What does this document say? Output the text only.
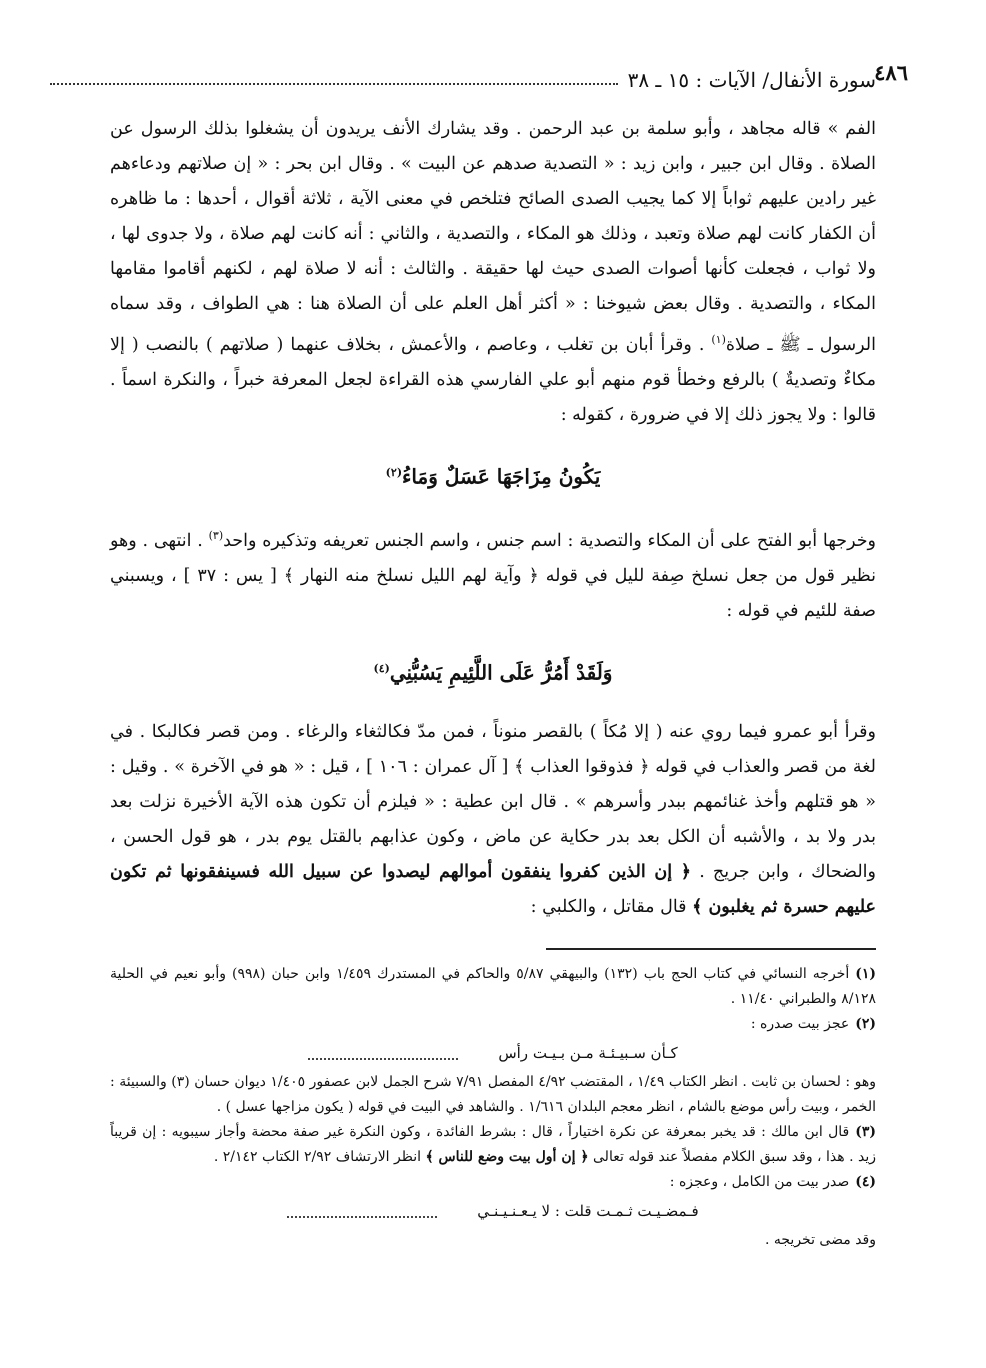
٤٨٦
سورة الأنفال/ الآيات : ١٥ ـ ٣٨

الفم » قاله مجاهد ، وأبو سلمة بن عبد الرحمن . وقد يشارك الأنف يريدون أن يشغلوا بذلك الرسول عن الصلاة . وقال ابن جبير ، وابن زيد : « التصدية صدهم عن البيت » . وقال ابن بحر : « إن صلاتهم ودعاءهم غير رادين عليهم ثواباً إلا كما يجيب الصدى الصائح فتلخص في معنى الآية ، ثلاثة أقوال ، أحدها : ما ظاهره أن الكفار كانت لهم صلاة وتعبد ، وذلك هو المكاء ، والتصدية ، والثاني : أنه كانت لهم صلاة ، ولا جدوى لها ، ولا ثواب ، فجعلت كأنها أصوات الصدى حيث لها حقيقة . والثالث : أنه لا صلاة لهم ، لكنهم أقاموا مقامها المكاء ، والتصدية . وقال بعض شيوخنا : « أكثر أهل العلم على أن الصلاة هنا : هي الطواف ، وقد سماه الرسول ـ ﷺ ـ صلاة$^{(١)}$ . وقرأ أبان بن تغلب ، وعاصم ، والأعمش ، بخلاف عنهما ( صلاتهم ) بالنصب ( إلا مكاءٌ وتصديةٌ ) بالرفع وخطأ قوم منهم أبو علي الفارسي هذه القراءة لجعل المعرفة خبراً ، والنكرة اسماً . قالوا : ولا يجوز ذلك إلا في ضرورة ، كقوله :

يَكُونُ مِزَاجَهَا عَسَلٌ وَمَاءُ$^{(٢)}$

وخرجها أبو الفتح على أن المكاء والتصدية : اسم جنس ، واسم الجنس تعريفه وتذكيره واحد$^{(٣)}$ . انتهى . وهو نظير قول من جعل نسلخ صِفة لليل في قوله ﴿ وآية لهم الليل نسلخ منه النهار ﴾ [ يس : ٣٧ ] ، ويسبني صفة للئيم في قوله :

وَلَقَدْ أَمُرُّ عَلَى اللَّئِيمِ يَسُبُّنِي$^{(٤)}$

وقرأ أبو عمرو فيما روي عنه ( إلا مُكاً ) بالقصر منوناً ، فمن مدّ فكالثغاء والرغاء . ومن قصر فكالبكا . في لغة من قصر والعذاب في قوله ﴿ فذوقوا العذاب ﴾ [ آل عمران : ١٠٦ ] ، قيل : « هو في الآخرة » . وقيل : « هو قتلهم وأخذ غنائمهم ببدر وأسرهم » . قال ابن عطية : « فيلزم أن تكون هذه الآية الأخيرة نزلت بعد بدر ولا بد ، والأشبه أن الكل بعد بدر حكاية عن ماض ، وكون عذابهم بالقتل يوم بدر ، هو قول الحسن ، والضحاك ، وابن جريج . ﴿ إن الذين كفروا ينفقون أموالهم ليصدوا عن سبيل الله فسينفقونها ثم تكون عليهم حسرة ثم يغلبون ﴾ قال مقاتل ، والكلبي :

(١)أخرجه النسائي في كتاب الحج باب (١٣٢) والبيهقي ٥/٨٧ والحاكم في المستدرك ١/٤٥٩ وابن حبان (٩٩٨) وأبو نعيم في الحلية ٨/١٢٨ والطبراني ١١/٤٠ .

(٢)عجز بيت صدره :

كـأن سـبيـئـة مـن بـيـت رأس

وهو : لحسان بن ثابت . انظر الكتاب ١/٤٩ ، المقتضب ٤/٩٢ المفصل ٧/٩١ شرح الجمل لابن عصفور ١/٤٠٥ ديوان حسان (٣) والسبيئة : الخمر ، وبيت رأس موضع بالشام ، انظر معجم البلدان ١/٦١٦ . والشاهد في البيت في قوله ( يكون مزاجها عسل ) .

(٣)قال ابن مالك : قد يخبر بمعرفة عن نكرة اختياراً ، قال : بشرط الفائدة ، وكون النكرة غير صفة محضة وأجاز سيبويه : إن قريباً زيد . هذا ، وقد سبق الكلام مفصلاً عند قوله تعالى ﴿ إن أول بيت وضع للناس ﴾ انظر الارتشاف ٢/٩٢ الكتاب ٢/١٤٢ .

(٤)صدر بيت من الكامل ، وعجزه :

فـمضـيـت ثـمـت قلت : لا يـعـنـيـنـي

وقد مضى تخريجه .
